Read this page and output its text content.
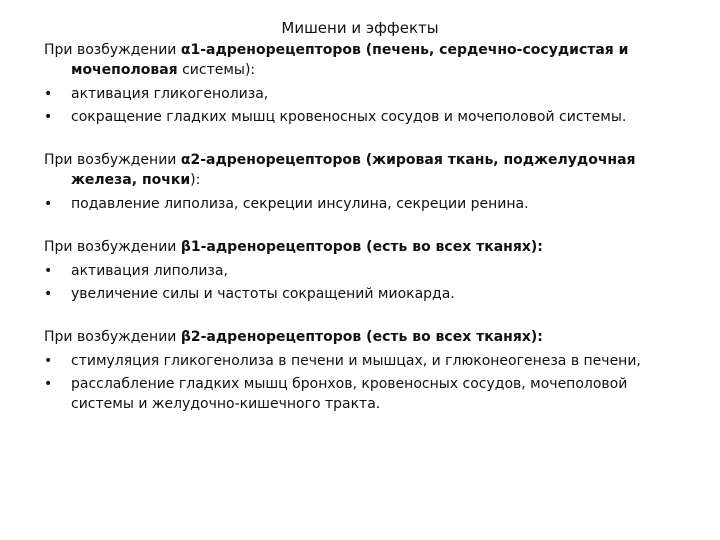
Мишени и эффекты

При возбуждении α1-адренорецепторов (печень, сердечно-сосудистая и мочеполовая системы):

• активация гликогенолиза,
• сокращение гладких мышц кровеносных сосудов и мочеполовой системы.

При возбуждении α2-адренорецепторов (жировая ткань, поджелудочная железа, почки):

• подавление липолиза, секреции инсулина, секреции ренина.

При возбуждении β1-адренорецепторов (есть во всех тканях):

• активация липолиза,
• увеличение силы и частоты сокращений миокарда.

При возбуждении β2-адренорецепторов (есть во всех тканях):

• стимуляция гликогенолиза в печени и мышцах, и глюконеогенеза в печени,
• расслабление гладких мышц бронхов, кровеносных сосудов, мочеполовой системы и желудочно-кишечного тракта.
